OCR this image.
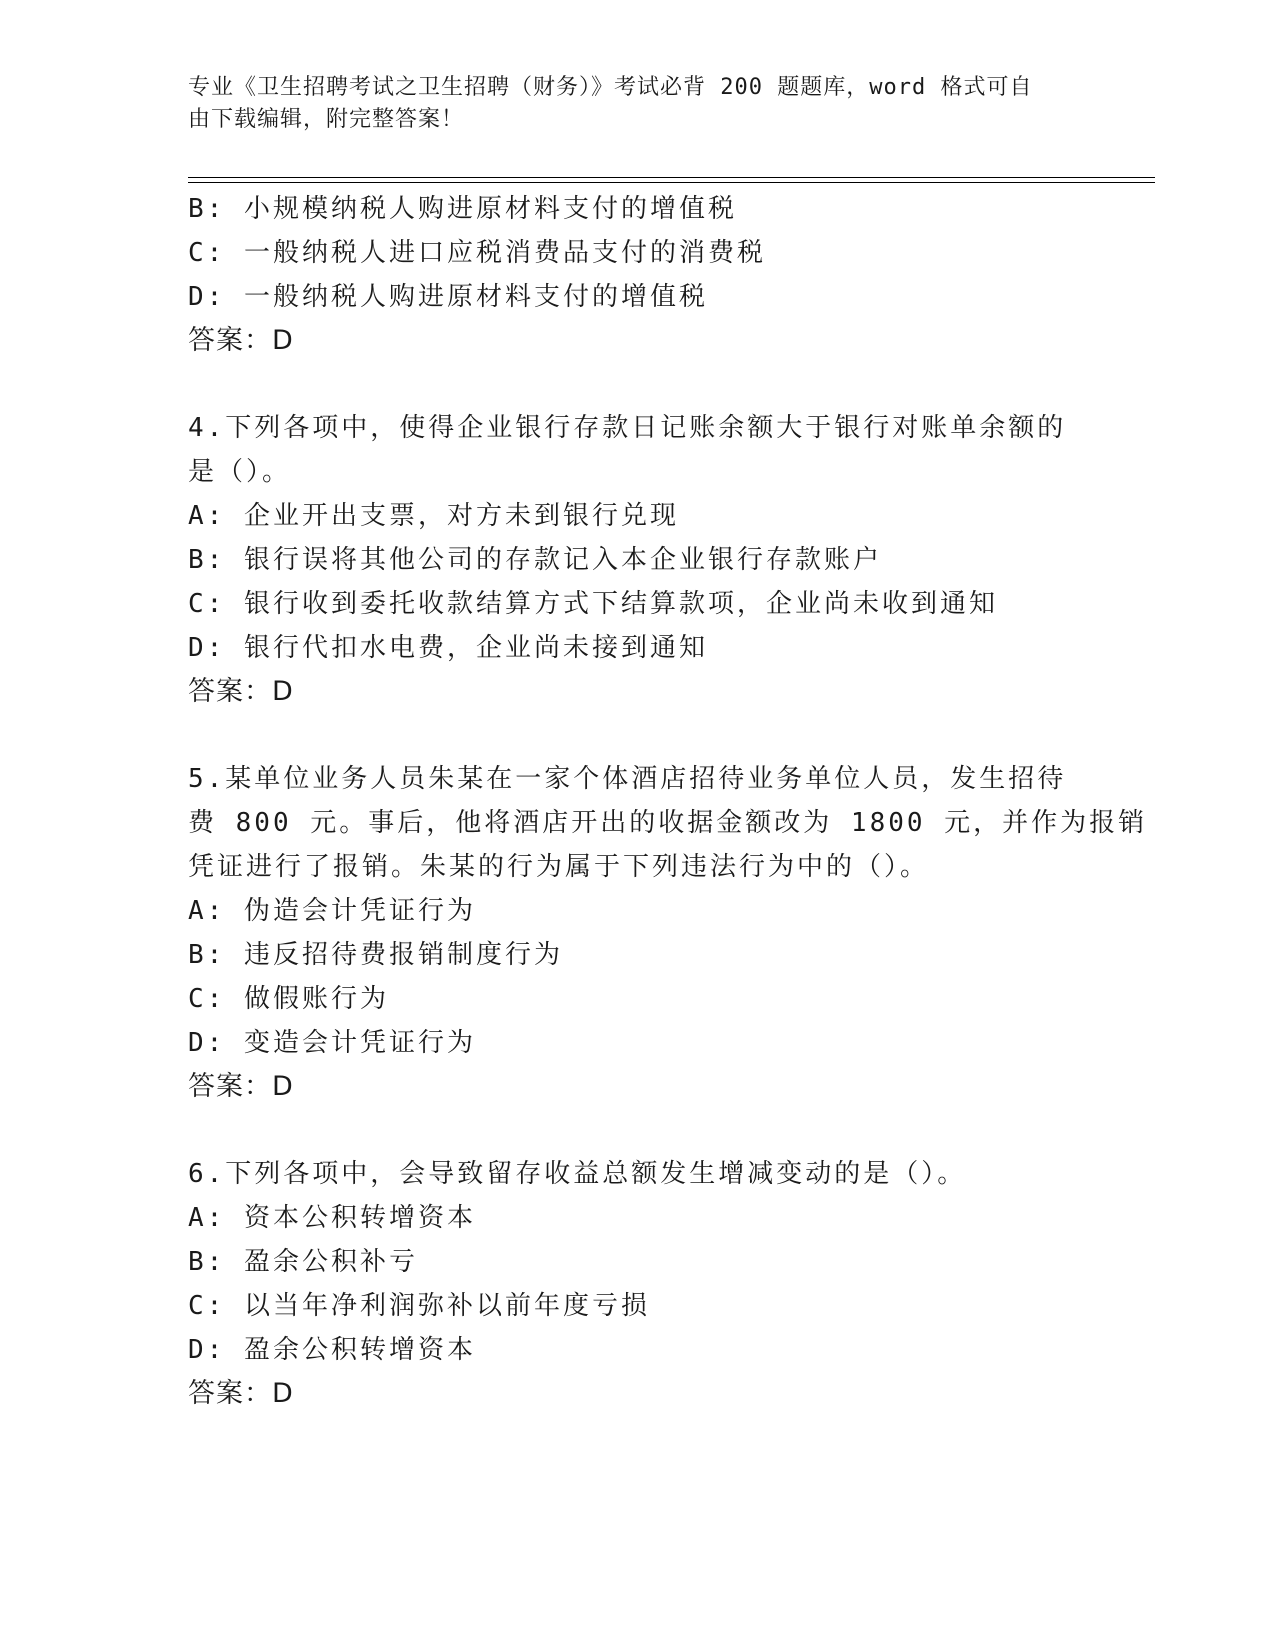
专业《卫生招聘考试之卫生招聘（财务）》考试必背 200 题题库，word 格式可自
由下载编辑，附完整答案！
B: 小规模纳税人购进原材料支付的增值税
C: 一般纳税人进口应税消费品支付的消费税
D: 一般纳税人购进原材料支付的增值税
答案：D
4.下列各项中，使得企业银行存款日记账余额大于银行对账单余额的
是（）。
A: 企业开出支票，对方未到银行兑现
B: 银行误将其他公司的存款记入本企业银行存款账户
C: 银行收到委托收款结算方式下结算款项，企业尚未收到通知
D: 银行代扣水电费，企业尚未接到通知
答案：D
5.某单位业务人员朱某在一家个体酒店招待业务单位人员，发生招待
费 800 元。事后，他将酒店开出的收据金额改为 1800 元，并作为报销
凭证进行了报销。朱某的行为属于下列违法行为中的（）。
A: 伪造会计凭证行为
B: 违反招待费报销制度行为
C: 做假账行为
D: 变造会计凭证行为
答案：D
6.下列各项中，会导致留存收益总额发生增减变动的是（）。
A: 资本公积转增资本
B: 盈余公积补亏
C: 以当年净利润弥补以前年度亏损
D: 盈余公积转增资本
答案：D
